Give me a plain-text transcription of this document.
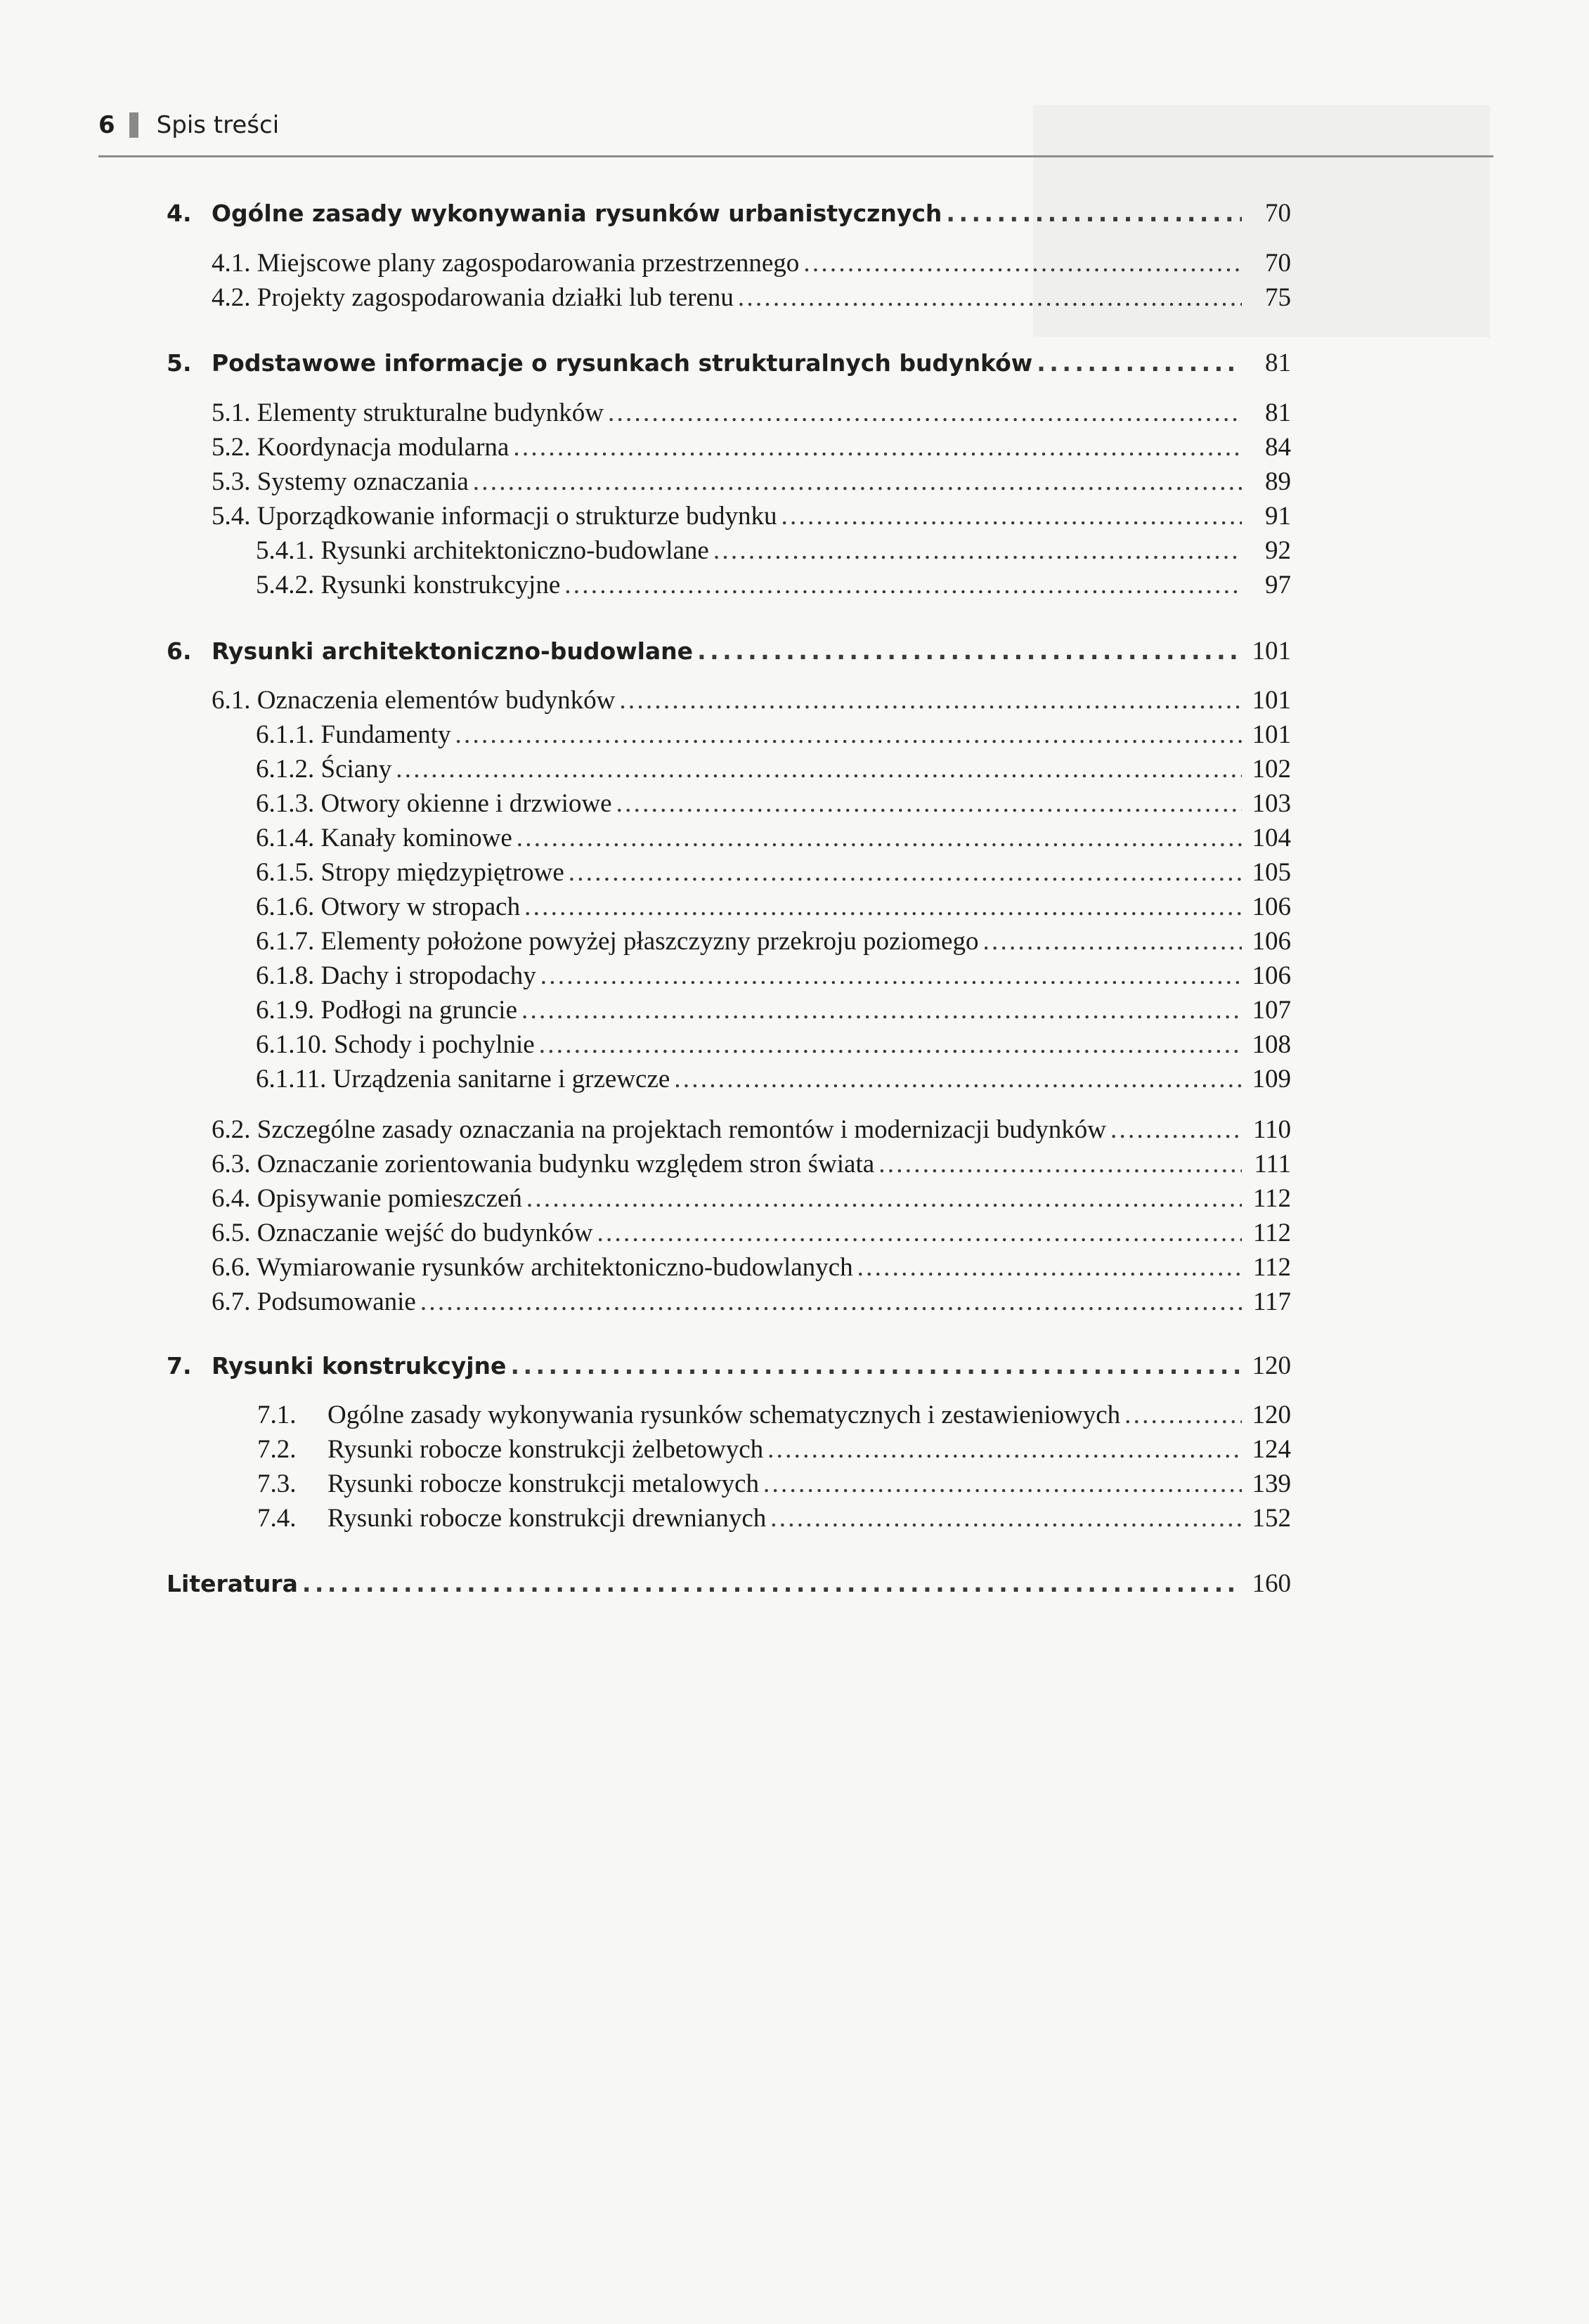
6 Spis treści
4. Ogólne zasady wykonywania rysunków urbanistycznych . . .	70
4.1. Miejscowe plany zagospodarowania przestrzennego . . .	70
4.2. Projekty zagospodarowania działki lub terenu . . .	75
5. Podstawowe informacje o rysunkach strukturalnych budynków . . .	81
5.1. Elementy strukturalne budynków . . .	81
5.2. Koordynacja modularna . . .	84
5.3. Systemy oznaczania . . .	89
5.4. Uporządkowanie informacji o strukturze budynku . . .	91
5.4.1. Rysunki architektoniczno-budowlane . . .	92
5.4.2. Rysunki konstrukcyjne . . .	97
6. Rysunki architektoniczno-budowlane . . .	101
6.1. Oznaczenia elementów budynków . . .	101
6.1.1. Fundamenty . . .	101
6.1.2. Ściany . . .	102
6.1.3. Otwory okienne i drzwiowe . . .	103
6.1.4. Kanały kominowe . . .	104
6.1.5. Stropy międzypiętrowe . . .	105
6.1.6. Otwory w stropach . . .	106
6.1.7. Elementy położone powyżej płaszczyzny przekroju poziomego . . .	106
6.1.8. Dachy i stropodachy . . .	106
6.1.9. Podłogi na gruncie . . .	107
6.1.10. Schody i pochylnie . . .	108
6.1.11. Urządzenia sanitarne i grzewcze . . .	109
6.2. Szczególne zasady oznaczania na projektach remontów i modernizacji budynków . . .	110
6.3. Oznaczanie zorientowania budynku względem stron świata . . .	111
6.4. Opisywanie pomieszczeń . . .	112
6.5. Oznaczanie wejść do budynków . . .	112
6.6. Wymiarowanie rysunków architektoniczno-budowlanych . . .	112
6.7. Podsumowanie . . .	117
7. Rysunki konstrukcyjne . . .	120
7.1. Ogólne zasady wykonywania rysunków schematycznych i zestawieniowych . . .	120
7.2. Rysunki robocze konstrukcji żelbetowych . . .	124
7.3. Rysunki robocze konstrukcji metalowych . . .	139
7.4. Rysunki robocze konstrukcji drewnianych . . .	152
Literatura . . .	160
